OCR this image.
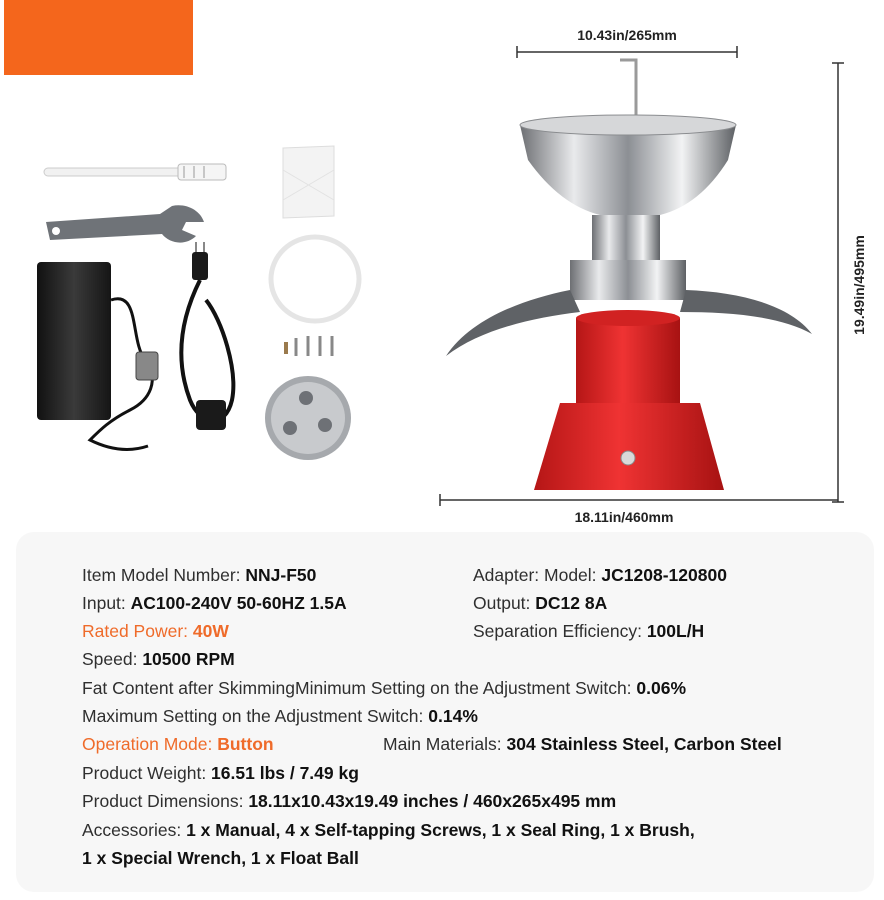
10.43in/265mm
19.49in/495mm
18.11in/460mm
Item Model Number: NNJ-F50	Adapter: Model: JC1208-120800
Input: AC100-240V 50-60HZ 1.5A	Output: DC12 8A
Rated Power: 40W	Separation Efficiency: 100L/H
Speed: 10500 RPM
Fat Content after SkimmingMinimum Setting on the Adjustment Switch: 0.06%
Maximum Setting on the Adjustment Switch: 0.14%
Operation Mode: Button	Main Materials: 304 Stainless Steel, Carbon Steel
Product Weight: 16.51 lbs / 7.49 kg
Product Dimensions: 18.11x10.43x19.49 inches / 460x265x495 mm
Accessories: 1 x Manual, 4 x Self-tapping Screws, 1 x Seal Ring, 1 x Brush,
1 x Special Wrench, 1 x Float Ball
